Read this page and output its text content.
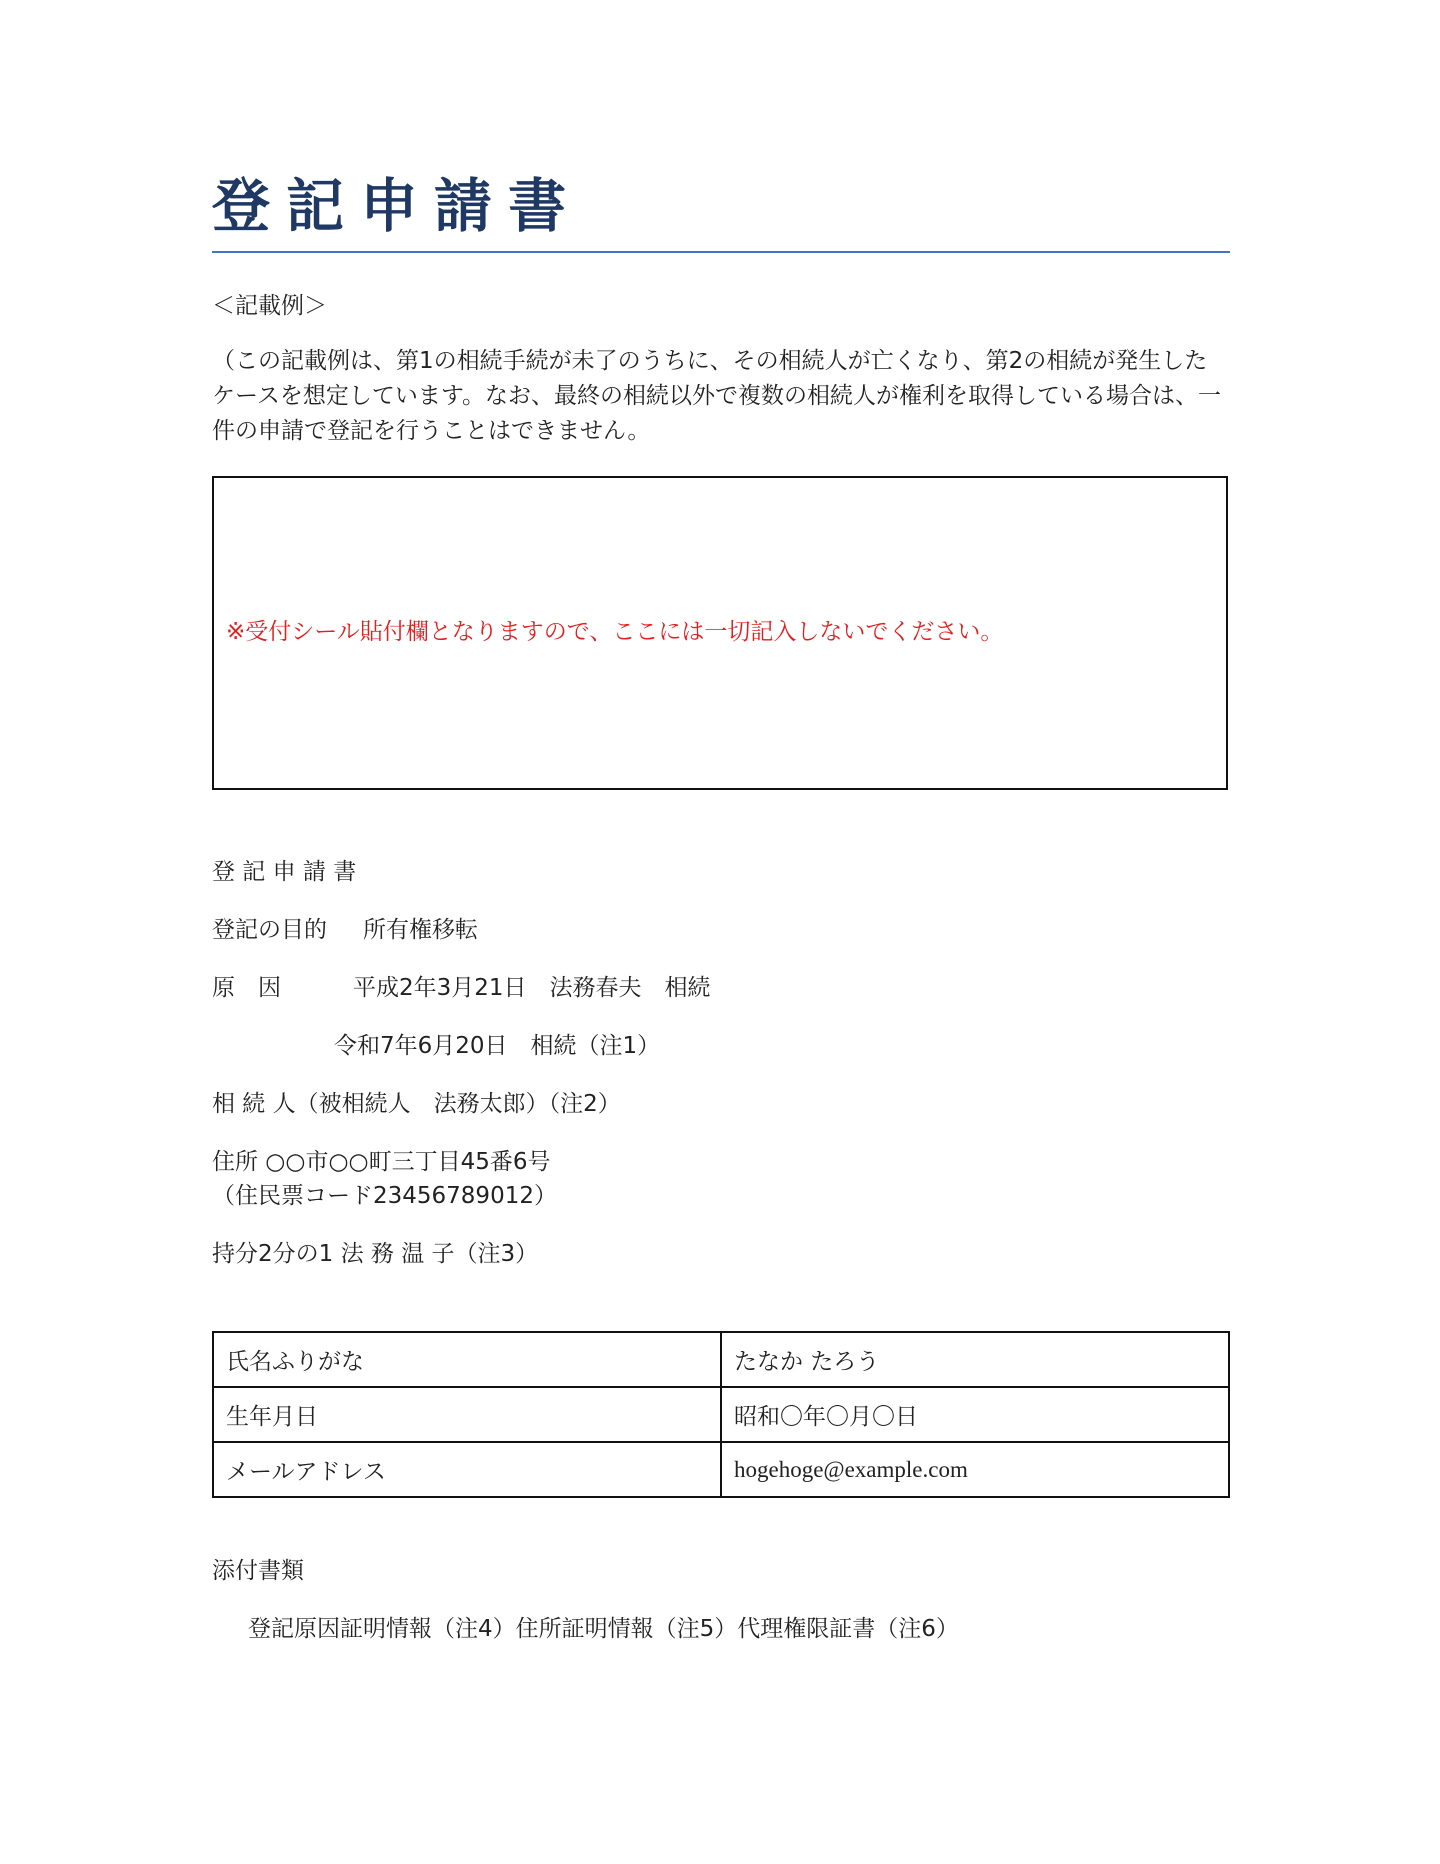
登記申請書
＜記載例＞
（この記載例は、第1の相続手続が未了のうちに、その相続人が亡くなり、第2の相続が発生したケースを想定しています。なお、最終の相続以外で複数の相続人が権利を取得している場合は、一件の申請で登記を行うことはできません。
※受付シール貼付欄となりますので、ここには一切記入しないでください。
登 記 申 請 書
登記の目的 所有権移転
原　因	平成2年3月21日　法務春夫　相続
令和7年6月20日　相続（注1）
相 続 人（被相続人　法務太郎）（注2）
住所 ○○市○○町三丁目45番6号
（住民票コード23456789012）
持分2分の1 法 務 温 子（注3）
氏名ふりがな	たなか たろう
生年月日	昭和〇年〇月〇日
メールアドレス	hogehoge@example.com
添付書類
登記原因証明情報（注4）住所証明情報（注5）代理権限証書（注6）
